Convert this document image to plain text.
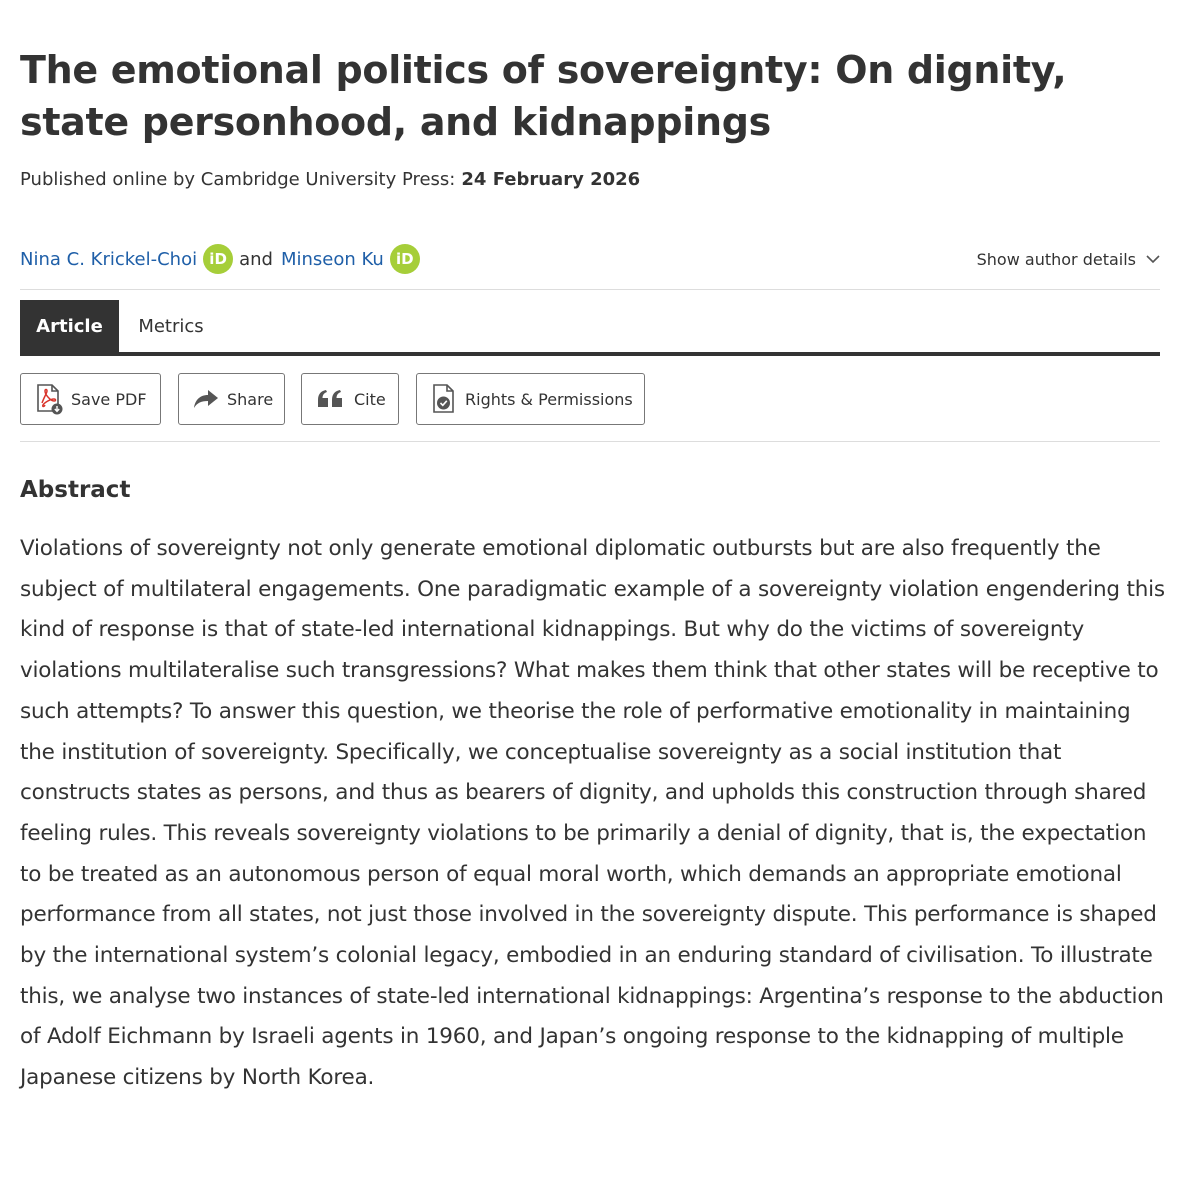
The emotional politics of sovereignty: On dignity, state personhood, and kidnappings
Published online by Cambridge University Press: 24 February 2026
Nina C. Krickel-Choi iD and Minseon Ku iD	Show author details
Article	Metrics
Save PDF	Share	Cite	Rights & Permissions
Abstract

Violations of sovereignty not only generate emotional diplomatic outbursts but are also frequently the subject of multilateral engagements. One paradigmatic example of a sovereignty violation engendering this kind of response is that of state-led international kidnappings. But why do the victims of sovereignty violations multilateralise such transgressions? What makes them think that other states will be receptive to such attempts? To answer this question, we theorise the role of performative emotionality in maintaining the institution of sovereignty. Specifically, we conceptualise sovereignty as a social institution that constructs states as persons, and thus as bearers of dignity, and upholds this construction through shared feeling rules. This reveals sovereignty violations to be primarily a denial of dignity, that is, the expectation to be treated as an autonomous person of equal moral worth, which demands an appropriate emotional performance from all states, not just those involved in the sovereignty dispute. This performance is shaped by the international system’s colonial legacy, embodied in an enduring standard of civilisation. To illustrate this, we analyse two instances of state-led international kidnappings: Argentina’s response to the abduction of Adolf Eichmann by Israeli agents in 1960, and Japan’s ongoing response to the kidnapping of multiple Japanese citizens by North Korea.
